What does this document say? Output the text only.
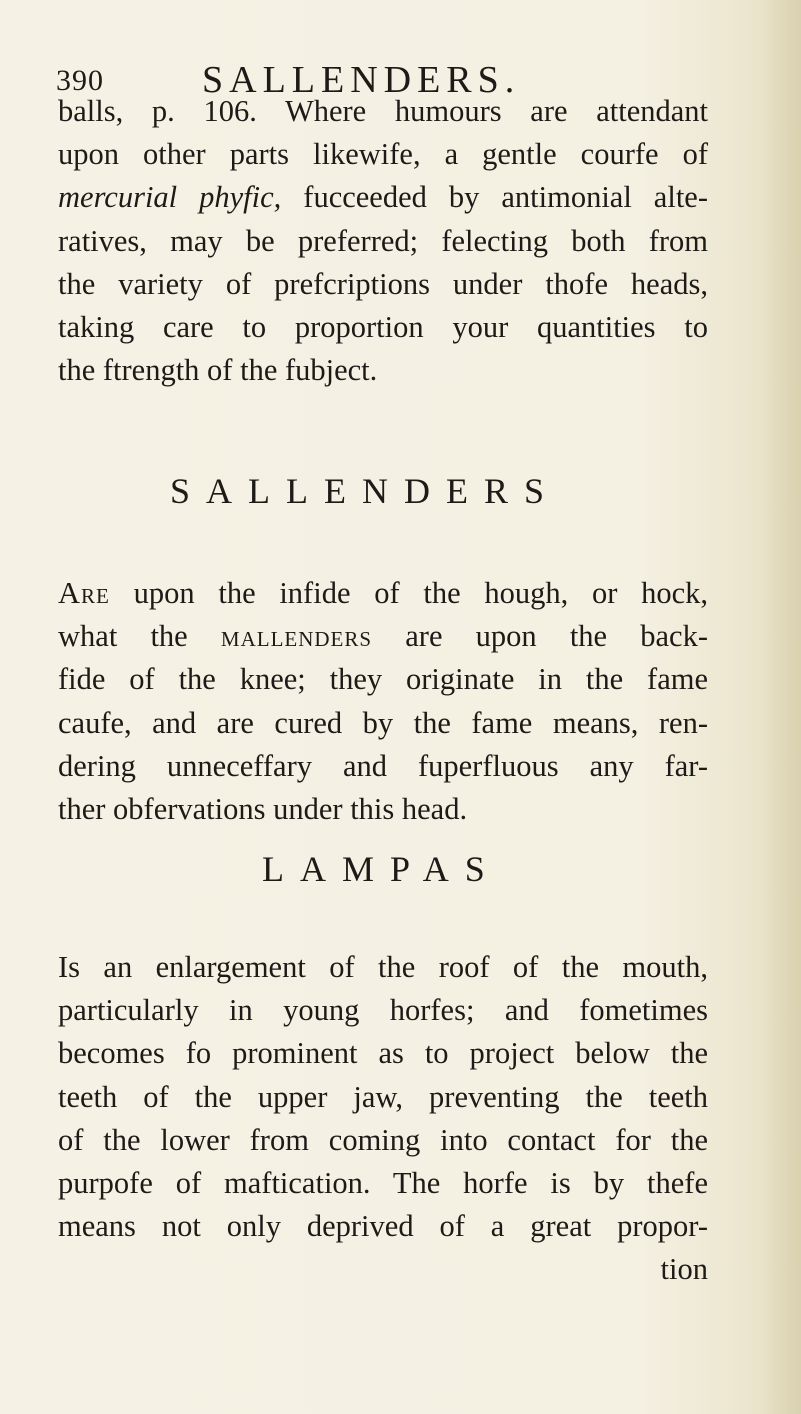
390	SALLENDERS.
balls, p. 106. Where humours are attendant
upon other parts likewife, a gentle courfe of
mercurial phyfic, fucceeded by antimonial alte-
ratives, may be preferred; felecting both from
the variety of prefcriptions under thofe heads,
taking care to proportion your quantities to
the ftrength of the fubject.
SALLENDERS
Are upon the infide of the hough, or hock,
what the mallenders are upon the back-
fide of the knee; they originate in the fame
caufe, and are cured by the fame means, ren-
dering unneceffary and fuperfluous any far-
ther obfervations under this head.
LAMPAS
Is an enlargement of the roof of the mouth,
particularly in young horfes; and fometimes
becomes fo prominent as to project below the
teeth of the upper jaw, preventing the teeth
of the lower from coming into contact for the
purpofe of maftication. The horfe is by thefe
means not only deprived of a great propor-
tion
